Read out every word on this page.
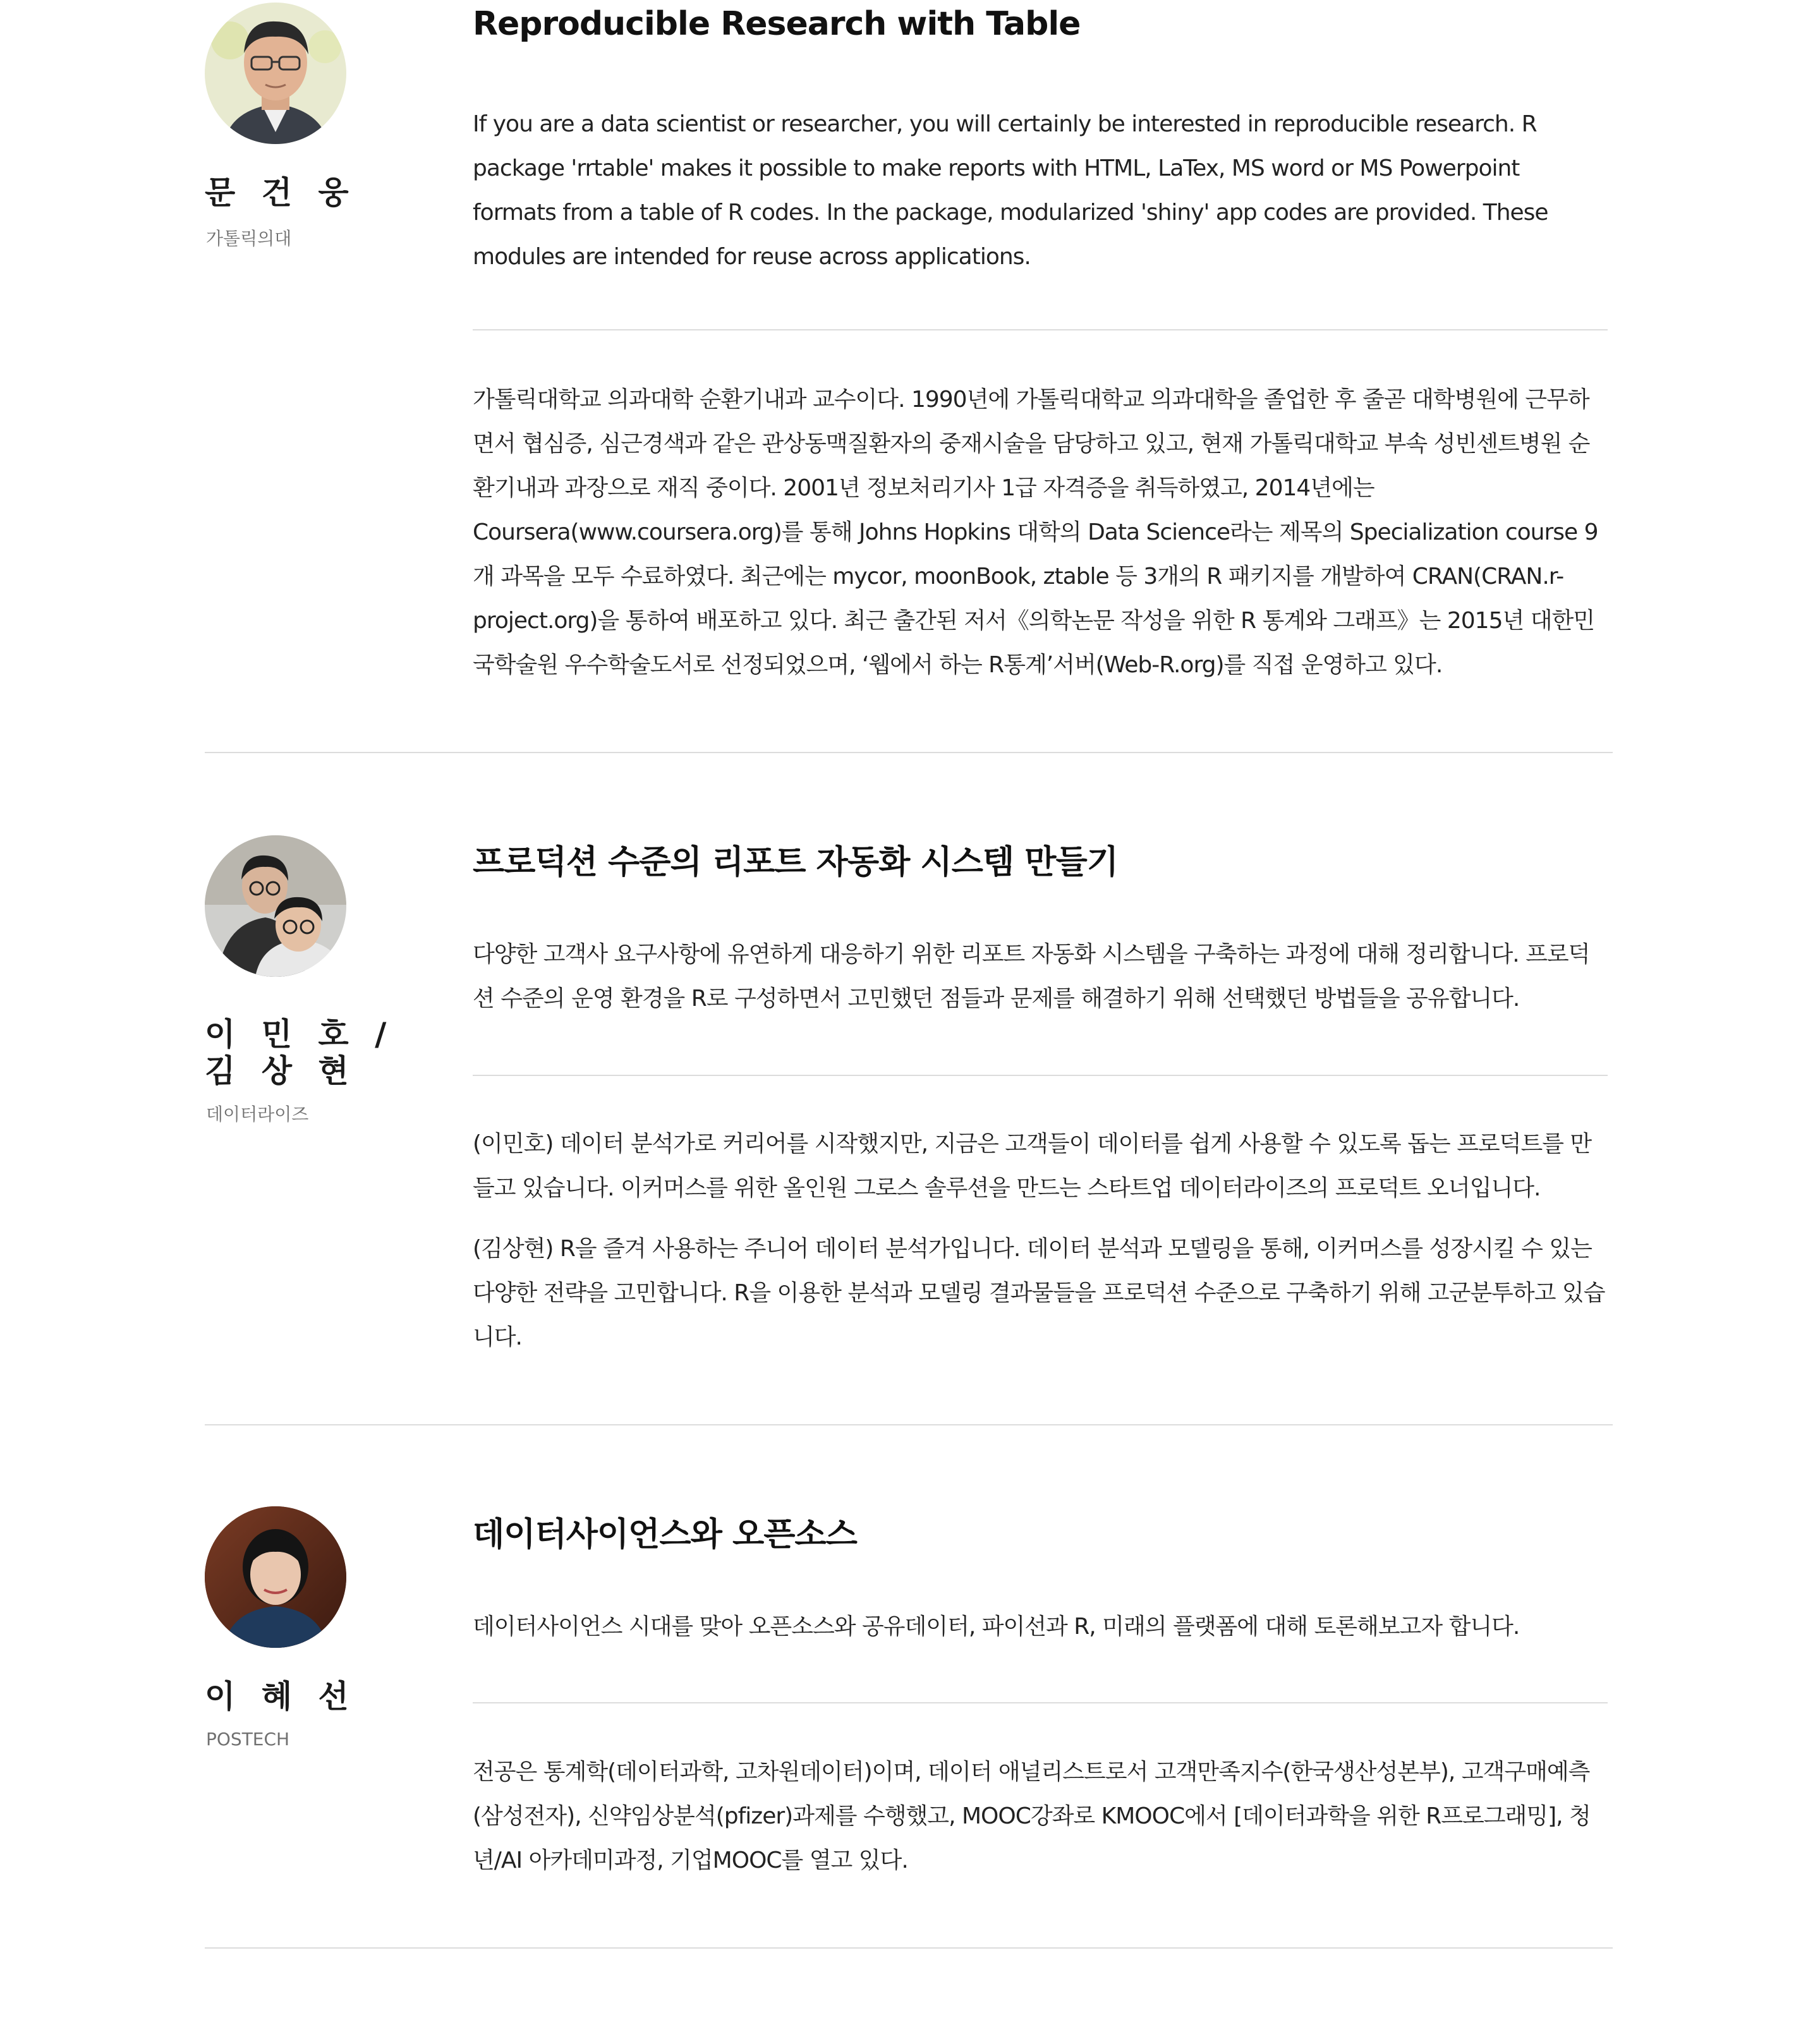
문 건 웅
가톨릭의대
Reproducible Research with Table

If you are a data scientist or researcher, you will certainly be interested in reproducible research. R package 'rrtable' makes it possible to make reports with HTML, LaTex, MS word or MS Powerpoint formats from a table of R codes. In the package, modularized 'shiny' app codes are provided. These modules are intended for reuse across applications.

가톨릭대학교 의과대학 순환기내과 교수이다. 1990년에 가톨릭대학교 의과대학을 졸업한 후 줄곧 대학병원에 근무하면서 협심증, 심근경색과 같은 관상동맥질환자의 중재시술을 담당하고 있고, 현재 가톨릭대학교 부속 성빈센트병원 순환기내과 과장으로 재직 중이다. 2001년 정보처리기사 1급 자격증을 취득하였고, 2014년에는 Coursera(www.coursera.org)를 통해 Johns Hopkins 대학의 Data Science라는 제목의 Specialization course 9개 과목을 모두 수료하였다. 최근에는 mycor, moonBook, ztable 등 3개의 R 패키지를 개발하여 CRAN(CRAN.r-project.org)을 통하여 배포하고 있다. 최근 출간된 저서《의학논문 작성을 위한 R 통계와 그래프》는 2015년 대한민국학술원 우수학술도서로 선정되었으며, ‘웹에서 하는 R통계’서버(Web-R.org)를 직접 운영하고 있다.

이 민 호 /
김 상 현
데이터라이즈
프로덕션 수준의 리포트 자동화 시스템 만들기

다양한 고객사 요구사항에 유연하게 대응하기 위한 리포트 자동화 시스템을 구축하는 과정에 대해 정리합니다. 프로덕션 수준의 운영 환경을 R로 구성하면서 고민했던 점들과 문제를 해결하기 위해 선택했던 방법들을 공유합니다.

(이민호) 데이터 분석가로 커리어를 시작했지만, 지금은 고객들이 데이터를 쉽게 사용할 수 있도록 돕는 프로덕트를 만들고 있습니다. 이커머스를 위한 올인원 그로스 솔루션을 만드는 스타트업 데이터라이즈의 프로덕트 오너입니다.

(김상현) R을 즐겨 사용하는 주니어 데이터 분석가입니다. 데이터 분석과 모델링을 통해, 이커머스를 성장시킬 수 있는 다양한 전략을 고민합니다. R을 이용한 분석과 모델링 결과물들을 프로덕션 수준으로 구축하기 위해 고군분투하고 있습니다.

이 혜 선
POSTECH
데이터사이언스와 오픈소스

데이터사이언스 시대를 맞아 오픈소스와 공유데이터, 파이선과 R, 미래의 플랫폼에 대해 토론해보고자 합니다.

전공은 통계학(데이터과학, 고차원데이터)이며, 데이터 애널리스트로서 고객만족지수(한국생산성본부), 고객구매예측(삼성전자), 신약임상분석(pfizer)과제를 수행했고, MOOC강좌로 KMOOC에서 [데이터과학을 위한 R프로그래밍], 청년/AI 아카데미과정, 기업MOOC를 열고 있다.
